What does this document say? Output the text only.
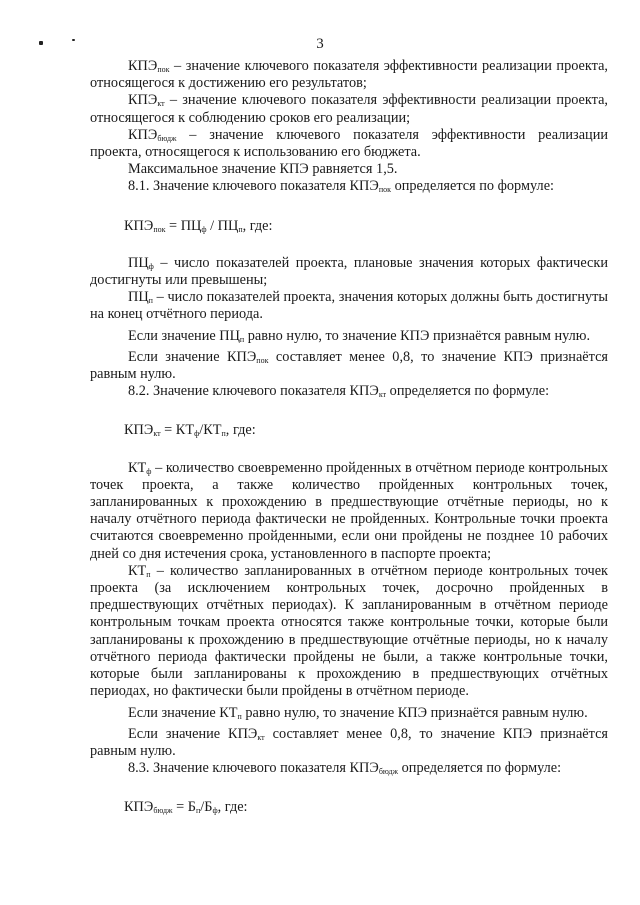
3

$КПЭ_{пок}$ – значение ключевого показателя эффективности реализации проекта, относящегося к достижению его результатов;

$КПЭ_{кт}$ – значение ключевого показателя эффективности реализации проекта, относящегося к соблюдению сроков его реализации;

$КПЭ_{бюдж}$ – значение ключевого показателя эффективности реализации проекта, относящегося к использованию его бюджета.

Максимальное значение КПЭ равняется 1,5.

8.1. Значение ключевого показателя $КПЭ_{пок}$ определяется по формуле:

$КПЭ_{пок} = ПЦ_ф / ПЦ_п$, где:

$ПЦ_ф$ – число показателей проекта, плановые значения которых фактически достигнуты или превышены;

$ПЦ_п$ – число показателей проекта, значения которых должны быть достигнуты на конец отчётного периода.

Если значение $ПЦ_п$ равно нулю, то значение КПЭ признаётся равным нулю.

Если значение $КПЭ_{пок}$ составляет менее 0,8, то значение КПЭ признаётся равным нулю.

8.2. Значение ключевого показателя $КПЭ_{кт}$ определяется по формуле:

$КПЭ_{кт} = КТ_ф/КТ_п$, где:

$КТ_ф$ – количество своевременно пройденных в отчётном периоде контрольных точек проекта, а также количество пройденных контрольных точек, запланированных к прохождению в предшествующие отчётные периоды, но к началу отчётного периода фактически не пройденных. Контрольные точки проекта считаются своевременно пройденными, если они пройдены не позднее 10 рабочих дней со дня истечения срока, установленного в паспорте проекта;

$КТ_п$ – количество запланированных в отчётном периоде контрольных точек проекта (за исключением контрольных точек, досрочно пройденных в предшествующих отчётных периодах). К запланированным в отчётном периоде контрольным точкам проекта относятся также контрольные точки, которые были запланированы к прохождению в предшествующие отчётные периоды, но к началу отчётного периода фактически пройдены не были, а также контрольные точки, которые были запланированы к прохождению в предшествующих отчётных периодах, но фактически были пройдены в отчётном периоде.

Если значение $КТ_п$ равно нулю, то значение КПЭ признаётся равным нулю.

Если значение $КПЭ_{кт}$ составляет менее 0,8, то значение КПЭ признаётся равным нулю.

8.3. Значение ключевого показателя $КПЭ_{бюдж}$ определяется по формуле:

$КПЭ_{бюдж} = Б_п/Б_ф$, где:
